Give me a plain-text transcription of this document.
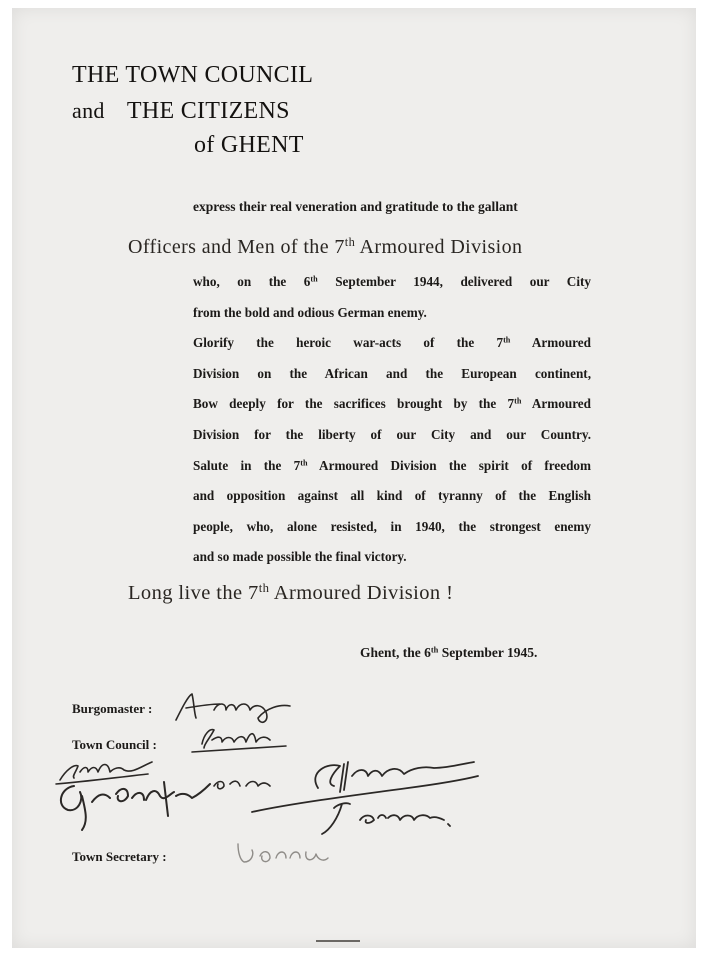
THE TOWN COUNCIL
and THE CITIZENS
of GHENT
express their real veneration and gratitude to the gallant
Officers and Men of the 7th Armoured Division
who, on the 6th September 1944, delivered our City
from the bold and odious German enemy.
Glorify the heroic war-acts of the 7th Armoured
Division on the African and the European continent,
Bow deeply for the sacrifices brought by the 7th Armoured
Division for the liberty of our City and our Country.
Salute in the 7th Armoured Division the spirit of freedom
and opposition against all kind of tyranny of the English
people, who, alone resisted, in 1940, the strongest enemy
and so made possible the final victory.
Long live the 7th Armoured Division !
Ghent, the 6th September 1945.
Burgomaster :
Town Council :
Town Secretary :
